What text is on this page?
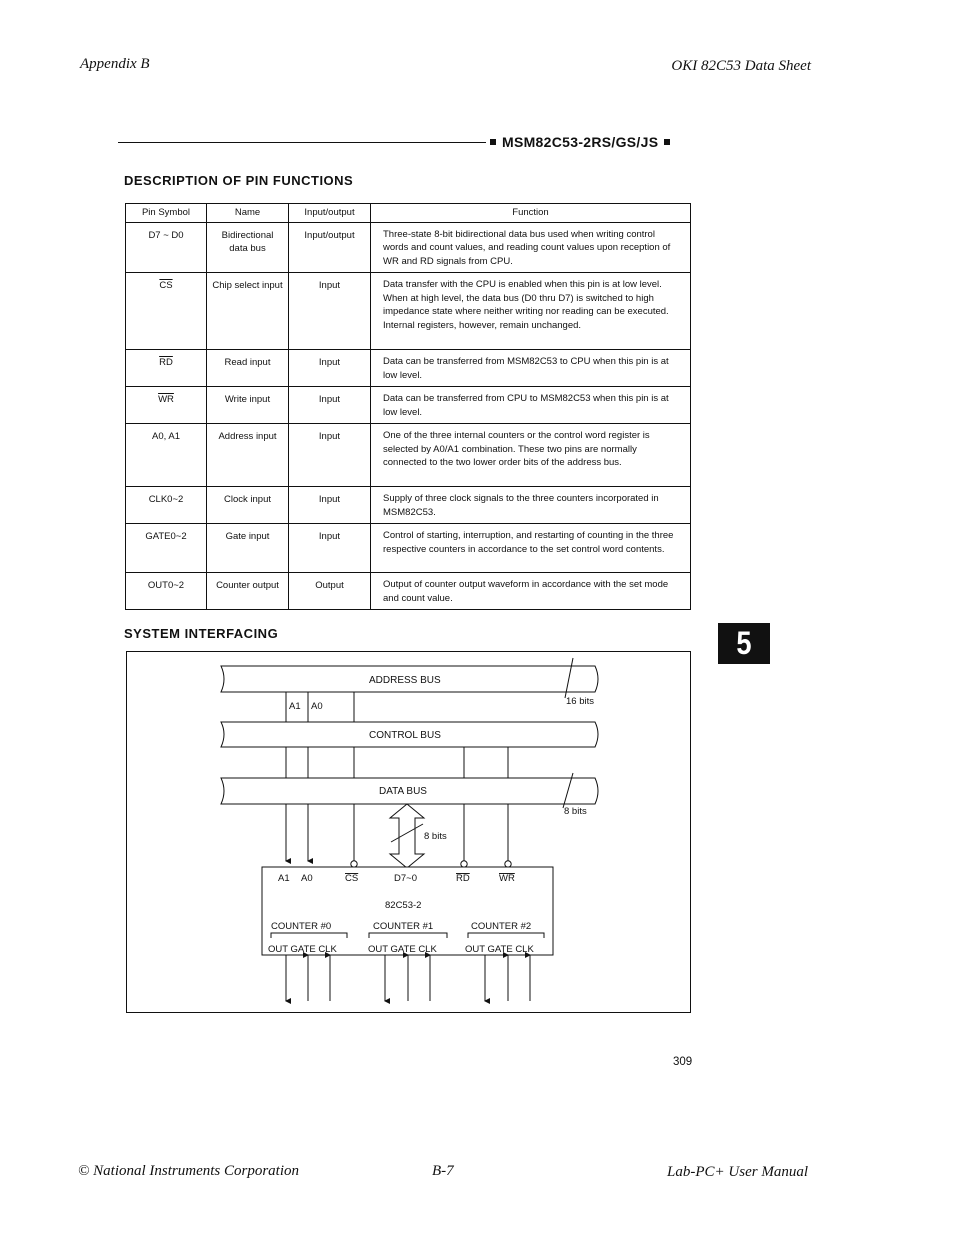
Appendix B	OKI 82C53 Data Sheet
MSM82C53-2RS/GS/JS
DESCRIPTION OF PIN FUNCTIONS
Pin Symbol	Name	Input/output	Function
D7 ~ D0	Bidirectional data bus	Input/output	Three-state 8-bit bidirectional data bus used when writing control words and count values, and reading count values upon reception of WR and RD signals from CPU.
$\overline{CS}$	Chip select input	Input	Data transfer with the CPU is enabled when this pin is at low level. When at high level, the data bus (D0 thru D7) is switched to high impedance state where neither writing nor reading can be executed. Internal registers, however, remain unchanged.
$\overline{RD}$	Read input	Input	Data can be transferred from MSM82C53 to CPU when this pin is at low level.
$\overline{WR}$	Write input	Input	Data can be transferred from CPU to MSM82C53 when this pin is at low level.
A0, A1	Address input	Input	One of the three internal counters or the control word register is selected by A0/A1 combination. These two pins are normally connected to the two lower order bits of the address bus.
CLK0~2	Clock input	Input	Supply of three clock signals to the three counters incorporated in MSM82C53.
GATE0~2	Gate input	Input	Control of starting, interruption, and restarting of counting in the three respective counters in accordance to the set control word contents.
OUT0~2	Counter output	Output	Output of counter output waveform in accordance with the set mode and count value.
5
SYSTEM INTERFACING
ADDRESS BUS
16 bits
A1 A0
CONTROL BUS
DATA BUS
8 bits
8 bits
A1 A0	CS	D7~0	RD	WR
82C53-2
COUNTER #0	COUNTER #1	COUNTER #2
OUT GATE CLK	OUT GATE CLK	OUT GATE CLK
309
© National Instruments Corporation	B-7	Lab-PC+ User Manual
